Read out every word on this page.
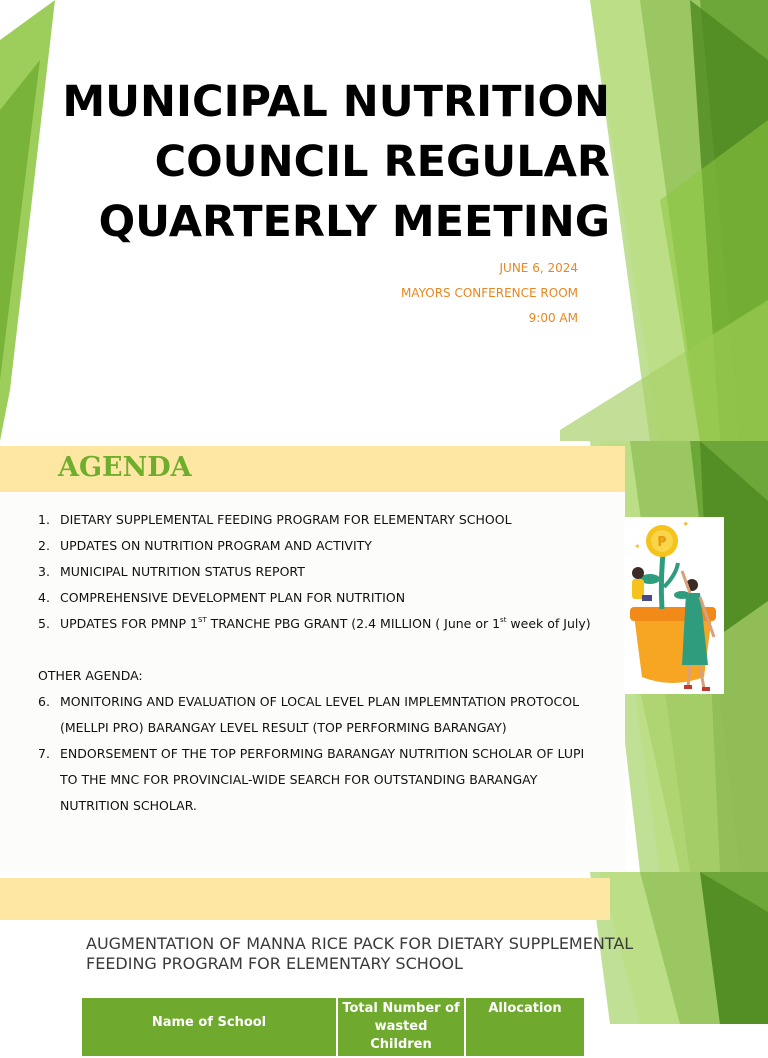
MUNICIPAL NUTRITION
COUNCIL REGULAR
QUARTERLY MEETING
JUNE 6, 2024
MAYORS CONFERENCE ROOM
9:00 AM
AGENDA
1. DIETARY SUPPLEMENTAL FEEDING PROGRAM FOR ELEMENTARY SCHOOL
2. UPDATES ON NUTRITION PROGRAM AND ACTIVITY
3. MUNICIPAL NUTRITION STATUS REPORT
4. COMPREHENSIVE DEVELOPMENT PLAN FOR NUTRITION
5. UPDATES FOR PMNP 1ST TRANCHE PBG GRANT (2.4 MILLION ( June or 1st week of July)
OTHER AGENDA:
6. MONITORING AND EVALUATION OF LOCAL LEVEL PLAN IMPLEMNTATION PROTOCOL (MELLPI PRO) BARANGAY LEVEL RESULT (TOP PERFORMING BARANGAY)
7. ENDORSEMENT OF THE TOP PERFORMING BARANGAY NUTRITION SCHOLAR OF LUPI TO THE MNC FOR PROVINCIAL-WIDE SEARCH FOR OUTSTANDING BARANGAY NUTRITION SCHOLAR.
₱
✦
✦
AUGMENTATION OF MANNA RICE PACK FOR DIETARY SUPPLEMENTAL
FEEDING PROGRAM FOR ELEMENTARY SCHOOL
Name of School	Total Number of wasted Children	Allocation
